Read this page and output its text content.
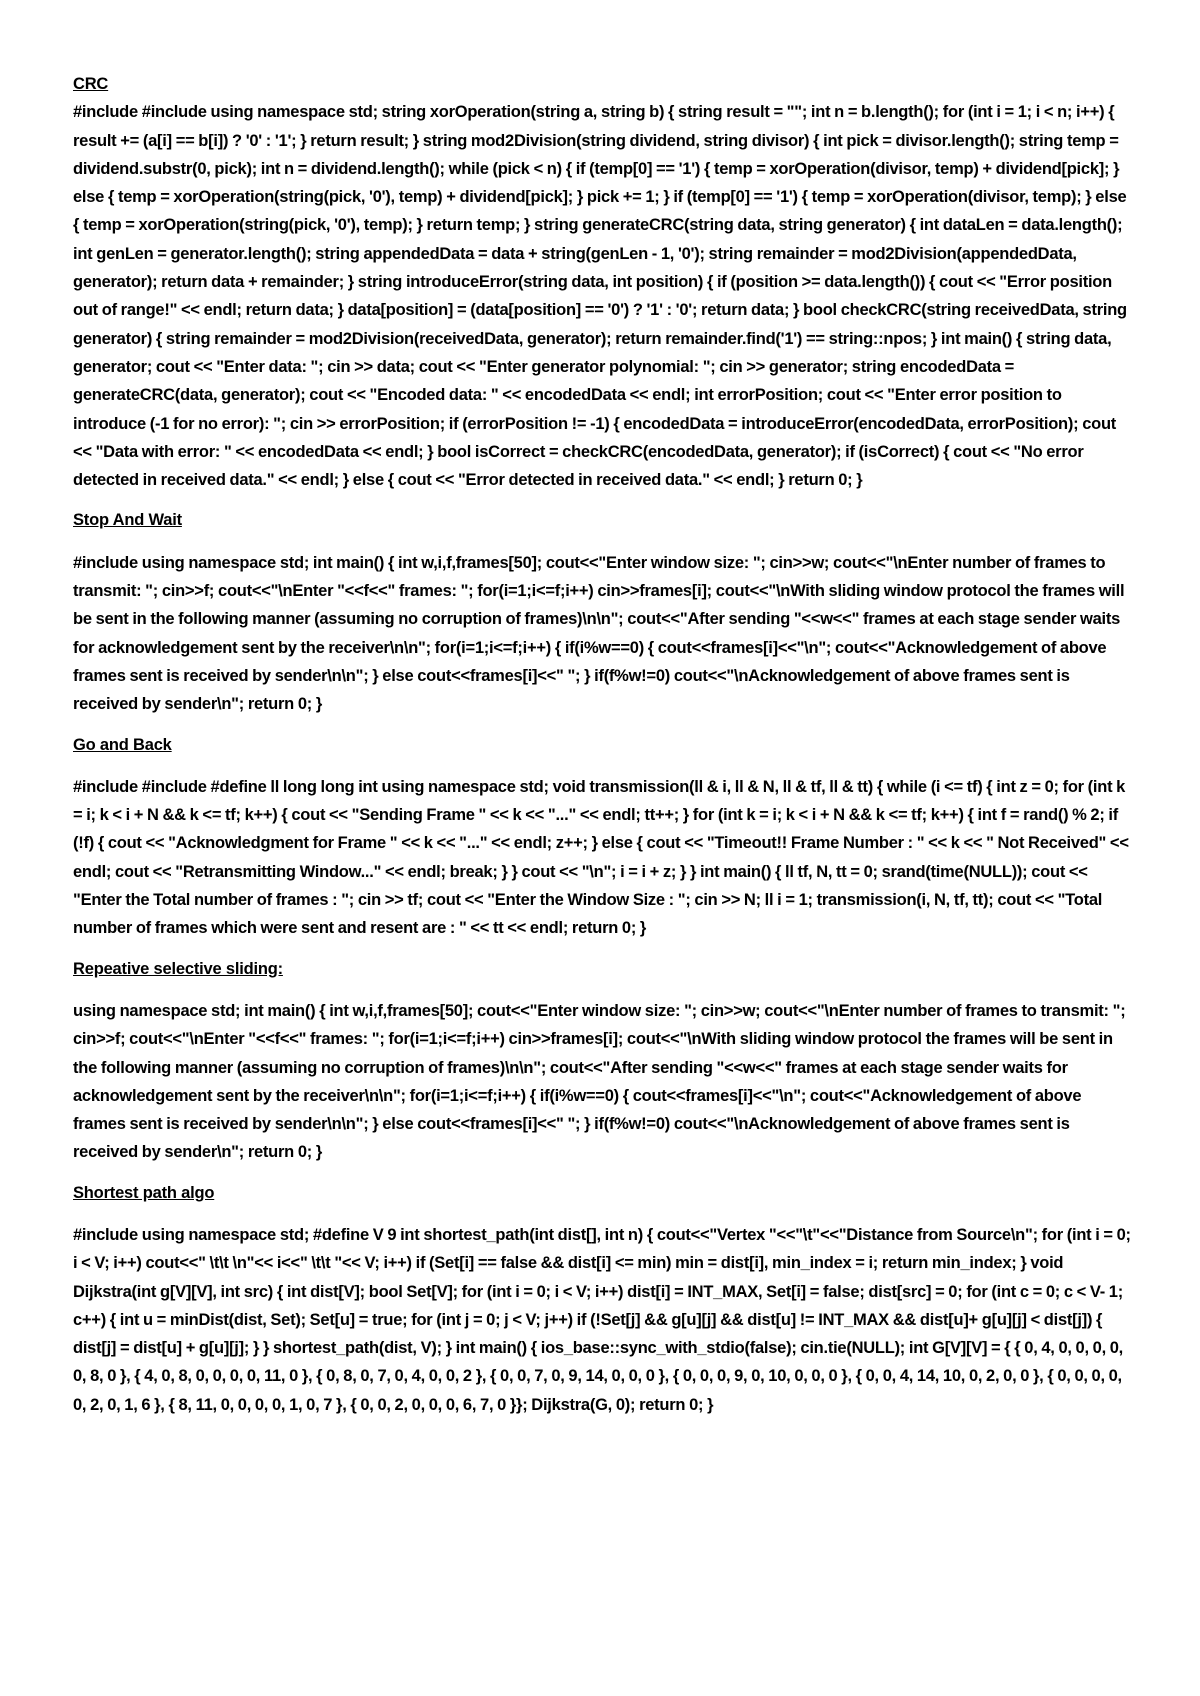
CRC

#include #include using namespace std; string xorOperation(string a, string b) { string result = ""; int n = b.length(); for (int i = 1; i < n; i++) { result += (a[i] == b[i]) ? '0' : '1'; } return result; } string mod2Division(string dividend, string divisor) { int pick = divisor.length(); string temp = dividend.substr(0, pick); int n = dividend.length(); while (pick < n) { if (temp[0] == '1') { temp = xorOperation(divisor, temp) + dividend[pick]; } else { temp = xorOperation(string(pick, '0'), temp) + dividend[pick]; } pick += 1; } if (temp[0] == '1') { temp = xorOperation(divisor, temp); } else { temp = xorOperation(string(pick, '0'), temp); } return temp; } string generateCRC(string data, string generator) { int dataLen = data.length(); int genLen = generator.length(); string appendedData = data + string(genLen - 1, '0'); string remainder = mod2Division(appendedData, generator); return data + remainder; } string introduceError(string data, int position) { if (position >= data.length()) { cout << "Error position out of range!" << endl; return data; } data[position] = (data[position] == '0') ? '1' : '0'; return data; } bool checkCRC(string receivedData, string generator) { string remainder = mod2Division(receivedData, generator); return remainder.find('1') == string::npos; } int main() { string data, generator; cout << "Enter data: "; cin >> data; cout << "Enter generator polynomial: "; cin >> generator; string encodedData = generateCRC(data, generator); cout << "Encoded data: " << encodedData << endl; int errorPosition; cout << "Enter error position to introduce (-1 for no error): "; cin >> errorPosition; if (errorPosition != -1) { encodedData = introduceError(encodedData, errorPosition); cout << "Data with error: " << encodedData << endl; } bool isCorrect = checkCRC(encodedData, generator); if (isCorrect) { cout << "No error detected in received data." << endl; } else { cout << "Error detected in received data." << endl; } return 0; }

Stop And Wait

#include using namespace std; int main() { int w,i,f,frames[50]; cout<<"Enter window size: "; cin>>w; cout<<"\nEnter number of frames to transmit: "; cin>>f; cout<<"\nEnter "<<f<<" frames: "; for(i=1;i<=f;i++) cin>>frames[i]; cout<<"\nWith sliding window protocol the frames will be sent in the following manner (assuming no corruption of frames)\n\n"; cout<<"After sending "<<w<<" frames at each stage sender waits for acknowledgement sent by the receiver\n\n"; for(i=1;i<=f;i++) { if(i%w==0) { cout<<frames[i]<<"\n"; cout<<"Acknowledgement of above frames sent is received by sender\n\n"; } else cout<<frames[i]<<" "; } if(f%w!=0) cout<<"\nAcknowledgement of above frames sent is received by sender\n"; return 0; }

Go and Back

#include #include #define ll long long int using namespace std; void transmission(ll & i, ll & N, ll & tf, ll & tt) { while (i <= tf) { int z = 0; for (int k = i; k < i + N && k <= tf; k++) { cout << "Sending Frame " << k << "..." << endl; tt++; } for (int k = i; k < i + N && k <= tf; k++) { int f = rand() % 2; if (!f) { cout << "Acknowledgment for Frame " << k << "..." << endl; z++; } else { cout << "Timeout!! Frame Number : " << k << " Not Received" << endl; cout << "Retransmitting Window..." << endl; break; } } cout << "\n"; i = i + z; } } int main() { ll tf, N, tt = 0; srand(time(NULL)); cout << "Enter the Total number of frames : "; cin >> tf; cout << "Enter the Window Size : "; cin >> N; ll i = 1; transmission(i, N, tf, tt); cout << "Total number of frames which were sent and resent are : " << tt << endl; return 0; }

Repeative selective sliding:

using namespace std; int main() { int w,i,f,frames[50]; cout<<"Enter window size: "; cin>>w; cout<<"\nEnter number of frames to transmit: "; cin>>f; cout<<"\nEnter "<<f<<" frames: "; for(i=1;i<=f;i++) cin>>frames[i]; cout<<"\nWith sliding window protocol the frames will be sent in the following manner (assuming no corruption of frames)\n\n"; cout<<"After sending "<<w<<" frames at each stage sender waits for acknowledgement sent by the receiver\n\n"; for(i=1;i<=f;i++) { if(i%w==0) { cout<<frames[i]<<"\n"; cout<<"Acknowledgement of above frames sent is received by sender\n\n"; } else cout<<frames[i]<<" "; } if(f%w!=0) cout<<"\nAcknowledgement of above frames sent is received by sender\n"; return 0; }

Shortest path algo

#include using namespace std; #define V 9 int shortest_path(int dist[], int n) { cout<<"Vertex "<<"\t"<<"Distance from Source\n"; for (int i = 0; i < V; i++) cout<<" \t\t \n"<< i<<" \t\t "<< V; i++) if (Set[i] == false && dist[i] <= min) min = dist[i], min_index = i; return min_index; } void Dijkstra(int g[V][V], int src) { int dist[V]; bool Set[V]; for (int i = 0; i < V; i++) dist[i] = INT_MAX, Set[i] = false; dist[src] = 0; for (int c = 0; c < V- 1; c++) { int u = minDist(dist, Set); Set[u] = true; for (int j = 0; j < V; j++) if (!Set[j] && g[u][j] && dist[u] != INT_MAX && dist[u]+ g[u][j] < dist[j]) { dist[j] = dist[u] + g[u][j]; } } shortest_path(dist, V); } int main() { ios_base::sync_with_stdio(false); cin.tie(NULL); int G[V][V] = { { 0, 4, 0, 0, 0, 0, 0, 8, 0 }, { 4, 0, 8, 0, 0, 0, 0, 11, 0 }, { 0, 8, 0, 7, 0, 4, 0, 0, 2 }, { 0, 0, 7, 0, 9, 14, 0, 0, 0 }, { 0, 0, 0, 9, 0, 10, 0, 0, 0 }, { 0, 0, 4, 14, 10, 0, 2, 0, 0 }, { 0, 0, 0, 0, 0, 2, 0, 1, 6 }, { 8, 11, 0, 0, 0, 0, 1, 0, 7 }, { 0, 0, 2, 0, 0, 0, 6, 7, 0 }}; Dijkstra(G, 0); return 0; }
